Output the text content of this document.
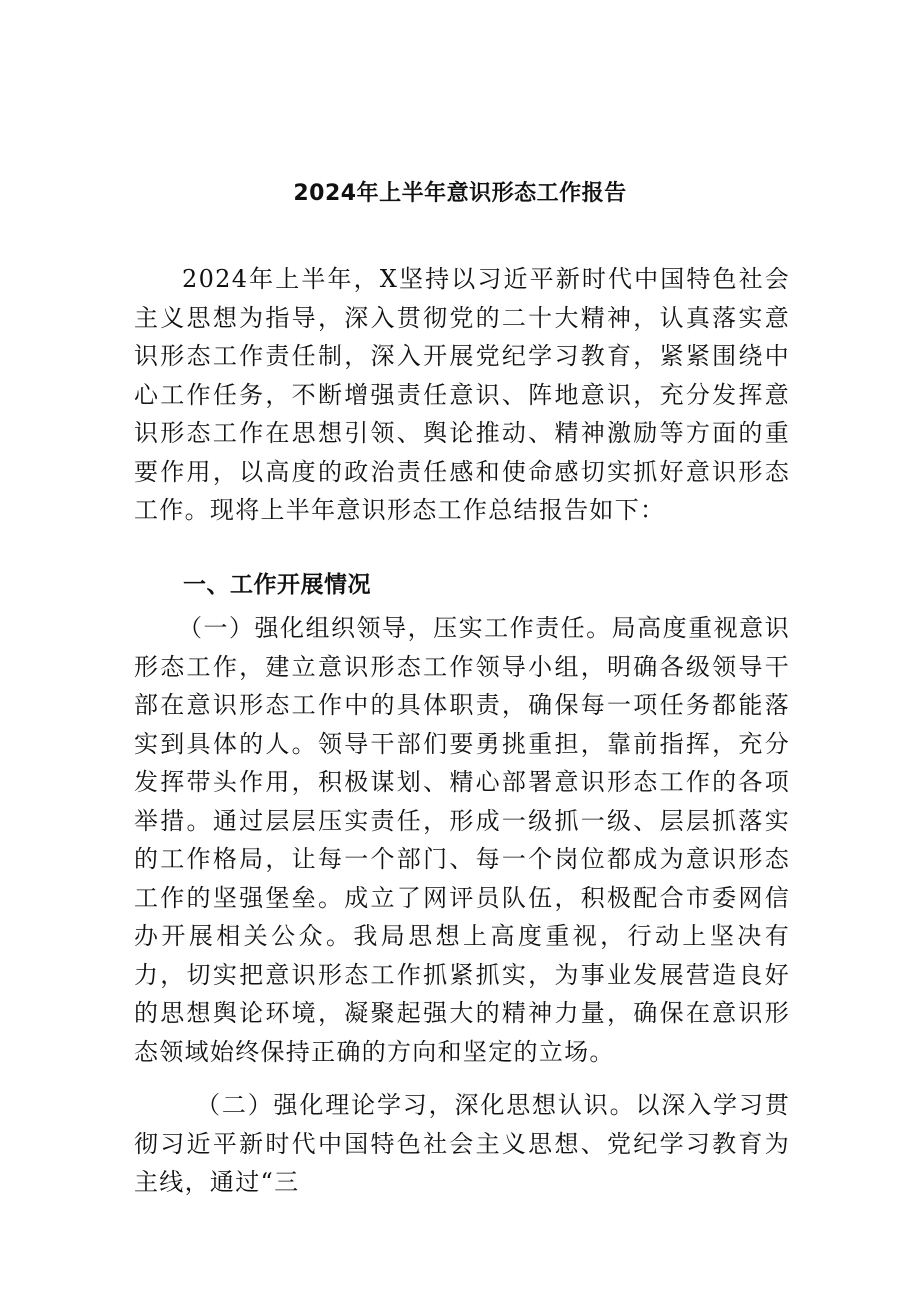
2024年上半年意识形态工作报告

2024年上半年，X坚持以习近平新时代中国特色社会主义思想为指导，深入贯彻党的二十大精神，认真落实意识形态工作责任制，深入开展党纪学习教育，紧紧围绕中心工作任务，不断增强责任意识、阵地意识，充分发挥意识形态工作在思想引领、舆论推动、精神激励等方面的重要作用，以高度的政治责任感和使命感切实抓好意识形态工作。现将上半年意识形态工作总结报告如下：

一、工作开展情况

（一）强化组织领导，压实工作责任。局高度重视意识形态工作，建立意识形态工作领导小组，明确各级领导干部在意识形态工作中的具体职责，确保每一项任务都能落实到具体的人。领导干部们要勇挑重担，靠前指挥，充分发挥带头作用，积极谋划、精心部署意识形态工作的各项举措。通过层层压实责任，形成一级抓一级、层层抓落实的工作格局，让每一个部门、每一个岗位都成为意识形态工作的坚强堡垒。成立了网评员队伍，积极配合市委网信办开展相关公众。我局思想上高度重视，行动上坚决有力，切实把意识形态工作抓紧抓实，为事业发展营造良好的思想舆论环境，凝聚起强大的精神力量，确保在意识形态领域始终保持正确的方向和坚定的立场。

（二）强化理论学习，深化思想认识。以深入学习贯彻习近平新时代中国特色社会主义思想、党纪学习教育为主线，通过“三
